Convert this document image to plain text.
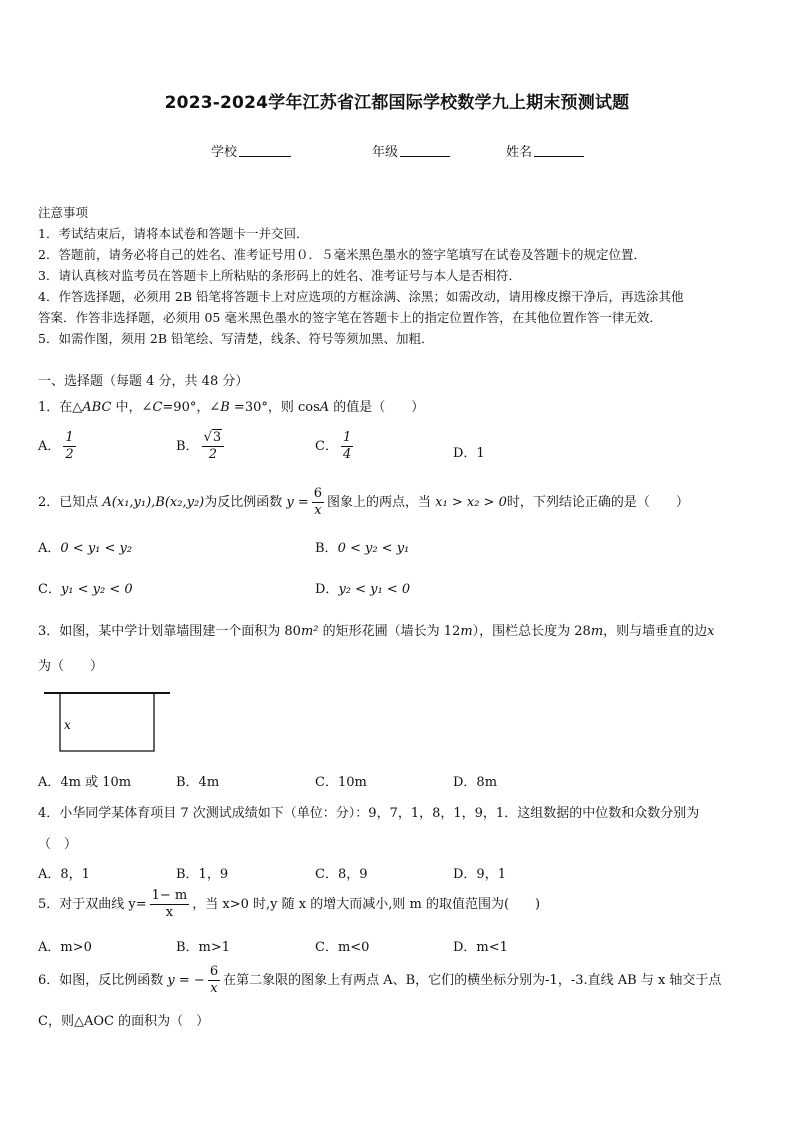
2023-2024学年江苏省江都国际学校数学九上期末预测试题
学校	年级	姓名
注意事项
1．考试结束后，请将本试卷和答题卡一并交回．
2．答题前，请务必将自己的姓名、准考证号用０．５毫米黑色墨水的签字笔填写在试卷及答题卡的规定位置．
3．请认真核对监考员在答题卡上所粘贴的条形码上的姓名、准考证号与本人是否相符．
4．作答选择题，必须用 2B 铅笔将答题卡上对应选项的方框涂满、涂黑；如需改动，请用橡皮擦干净后，再选涂其他
答案．作答非选择题，必须用 05 毫米黑色墨水的签字笔在答题卡上的指定位置作答，在其他位置作答一律无效．
5．如需作图，须用 2B 铅笔绘、写清楚，线条、符号等须加黑、加粗．
一、选择题（每题 4 分，共 48 分）
1．在△ABC 中，∠C=90°，∠B =30°，则 cosA 的值是（　　）
A． $\frac{1}{2}$	B． $\frac{√3}{2}$	C． $\frac{1}{4}$	D．1
2．已知点 A(x₁,y₁),B(x₂,y₂)为反比例函数 $y = \frac{6}{x}$ 图象上的两点，当 x₁ > x₂ > 0时，下列结论正确的是（　　）
A．0 < y₁ < y₂	B．0 < y₂ < y₁
C．y₁ < y₂ < 0	D．y₂ < y₁ < 0
3．如图，某中学计划靠墙围建一个面积为 80m² 的矩形花圃（墙长为 12m），围栏总长度为 28m，则与墙垂直的边x
为（　　）
x
A．4m 或 10m	B．4m	C．10m	D．8m
4．小华同学某体育项目 7 次测试成绩如下（单位：分）：9，7，1，8，1，9，1．这组数据的中位数和众数分别为
（　）
A．8，1	B．1，9	C．8，9	D．9，1
5．对于双曲线 $y= \frac{1- m}{x}$ ，当 x>0 时,y 随 x 的增大而减小,则 m 的取值范围为(　　)
A．m>0	B．m>1	C．m<0	D．m<1
6．如图，反比例函数 y = − $\frac{6}{x}$ 在第二象限的图象上有两点 A、B，它们的横坐标分别为-1，-3.直线 AB 与 x 轴交于点
C，则△AOC 的面积为（　）
